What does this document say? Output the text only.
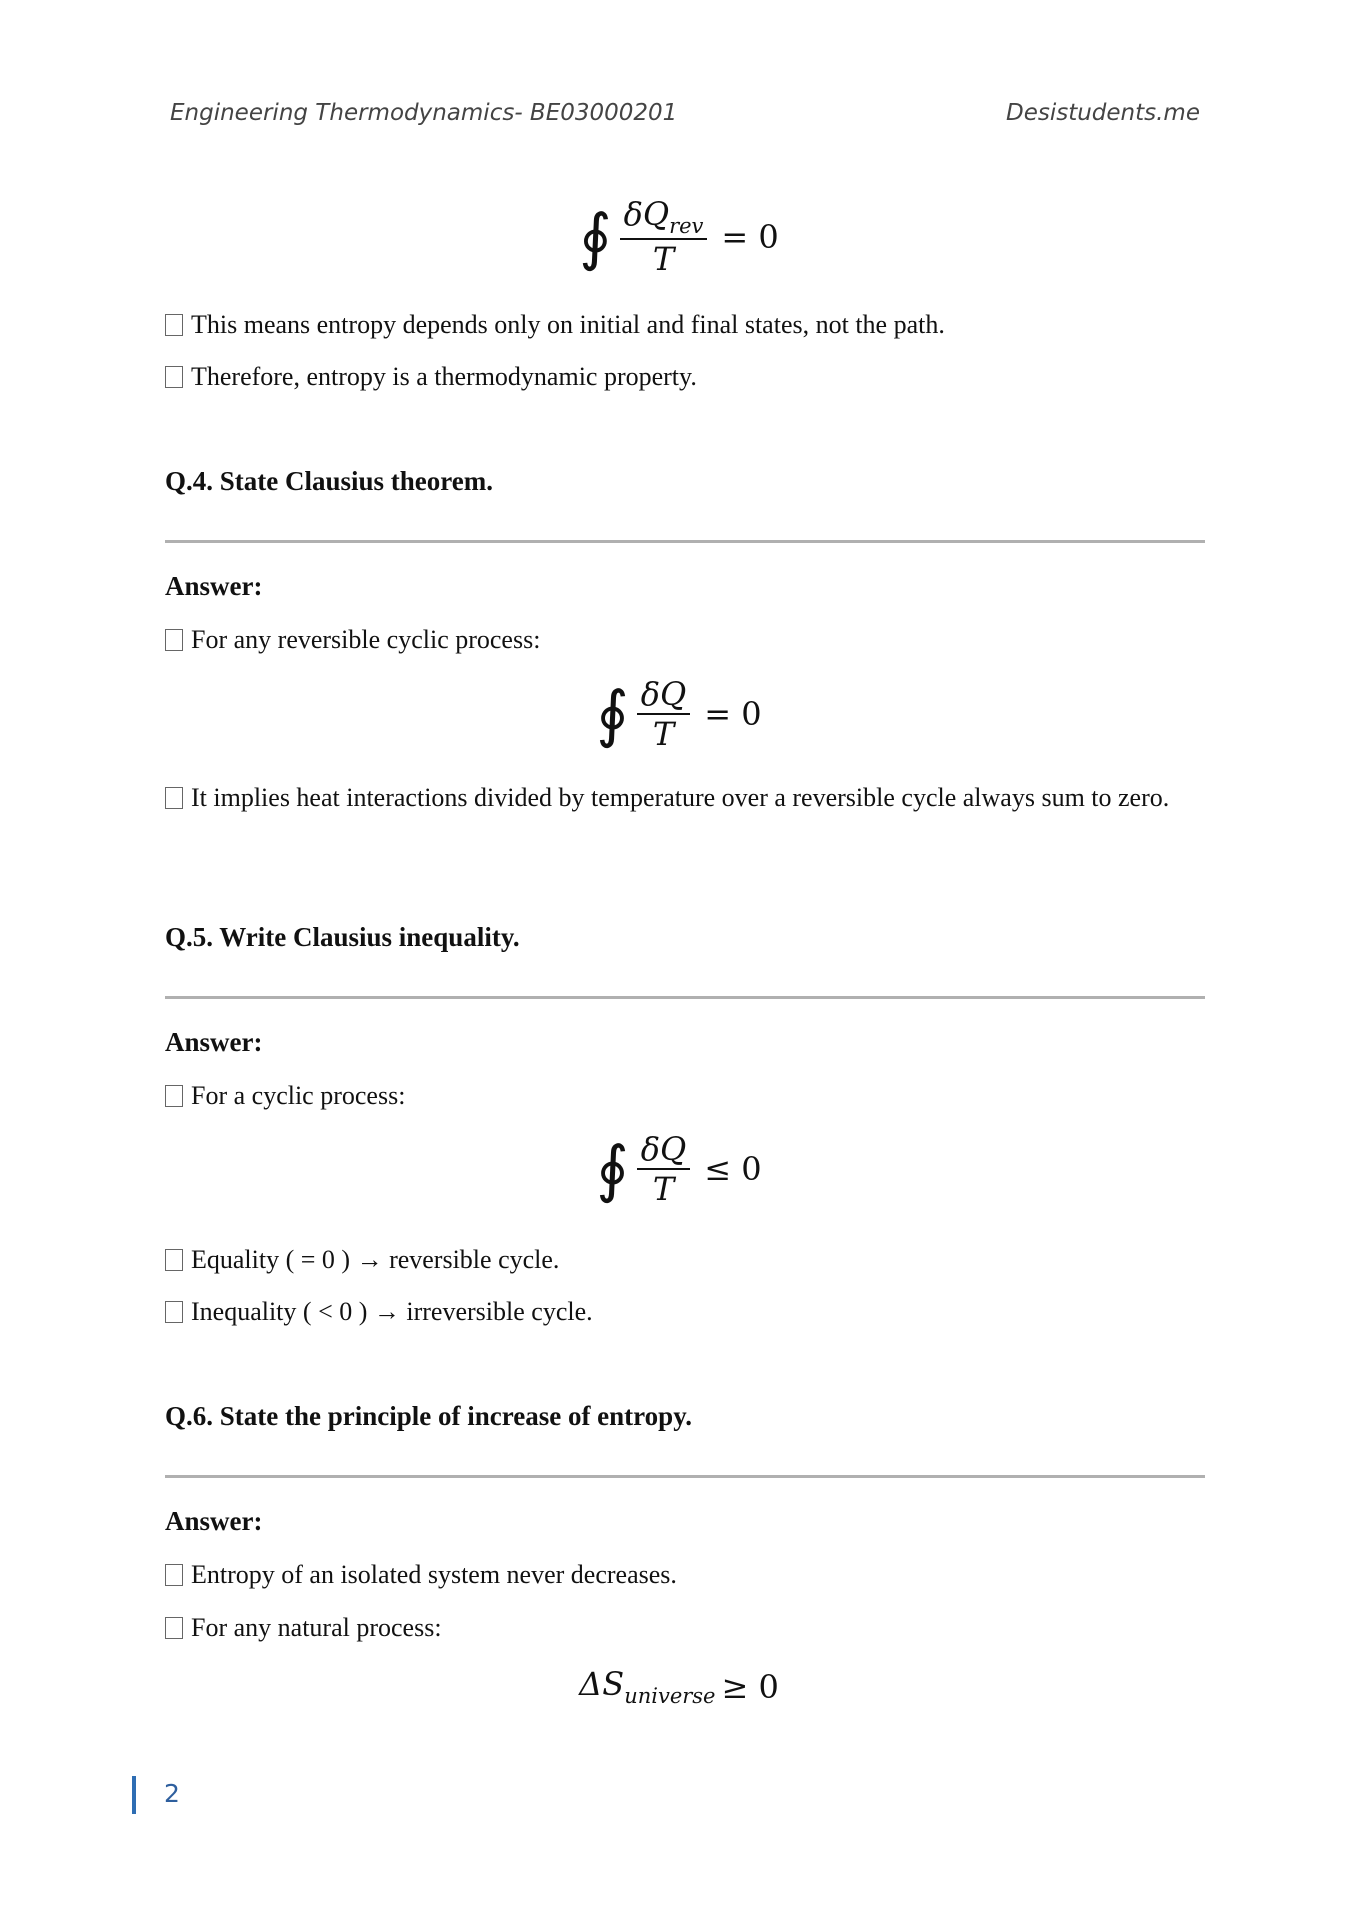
Engineering Thermodynamics- BE03000201	Desistudents.me
∮ $\frac{\delta Q_{rev}}{T} = 0$
This means entropy depends only on initial and final states, not the path.
Therefore, entropy is a thermodynamic property.
Q.4. State Clausius theorem.
Answer:
For any reversible cyclic process:
∮ $\frac{\delta Q}{T} = 0$
It implies heat interactions divided by temperature over a reversible cycle always sum to zero.
Q.5. Write Clausius inequality.
Answer:
For a cyclic process:
∮ $\frac{\delta Q}{T} \le 0$
Equality ( = 0 ) → reversible cycle.
Inequality ( < 0 ) → irreversible cycle.
Q.6. State the principle of increase of entropy.
Answer:
Entropy of an isolated system never decreases.
For any natural process:
$\Delta S_{universe} \ge 0$
2
